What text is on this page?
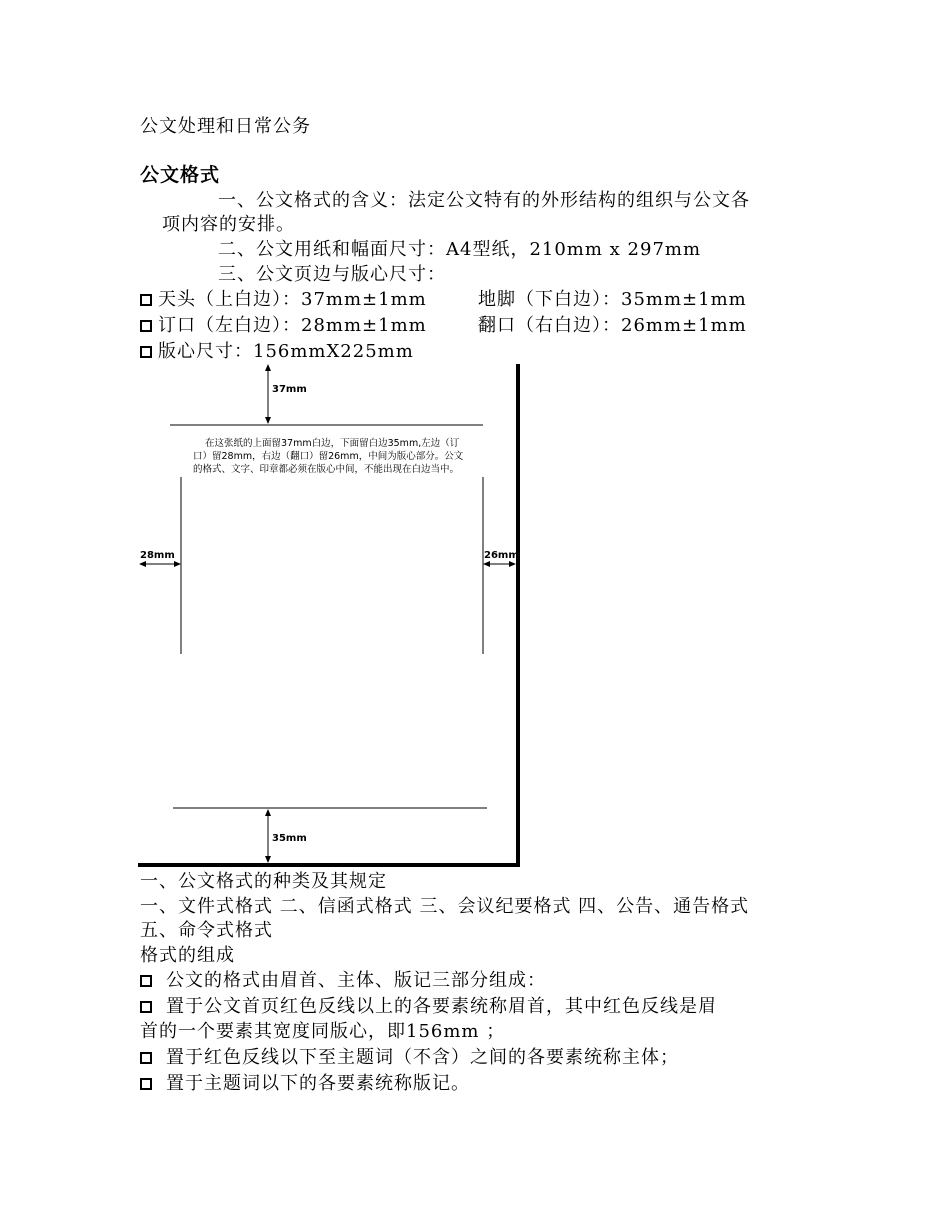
公文处理和日常公务
公文格式
一、公文格式的含义：法定公文特有的外形结构的组织与公文各
项内容的安排。
二、公文用纸和幅面尺寸：A4型纸，210mm x 297mm
三、公文页边与版心尺寸：
天头（上白边）：37mm±1mm	地脚（下白边）：35mm±1mm
订口（左白边）：28mm±1mm	翻口（右白边）：26mm±1mm
版心尺寸：156mmX225mm
37mm
28mm	26mm
35mm
在这张纸的上面留37mm白边，下面留白边35mm,左边（订口）留28mm，右边（翻口）留26mm，中间为版心部分。公文的格式、文字、印章都必须在版心中间，不能出现在白边当中。
一、公文格式的种类及其规定
一、文件式格式 二、信函式格式 三、会议纪要格式 四、公告、通告格式
五、命令式格式
格式的组成
公文的格式由眉首、主体、版记三部分组成：
置于公文首页红色反线以上的各要素统称眉首，其中红色反线是眉
首的一个要素其宽度同版心，即156mm ；
置于红色反线以下至主题词（不含）之间的各要素统称主体；
置于主题词以下的各要素统称版记。
